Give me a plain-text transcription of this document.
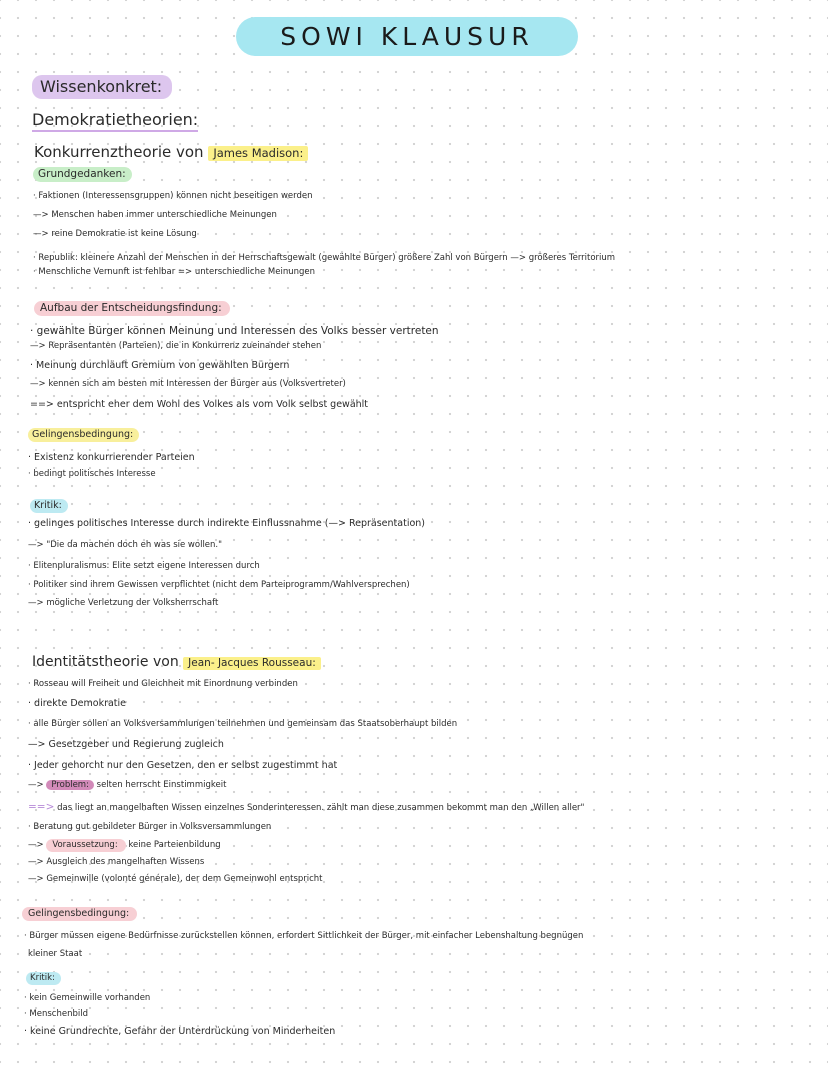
SOWI KLAUSUR
Wissenkonkret:
Demokratietheorien:
Konkurrenztheorie von James Madison:
Grundgedanken:
· Faktionen (Interessensgruppen) können nicht beseitigen werden
—> Menschen haben immer unterschiedliche Meinungen
—> reine Demokratie ist keine Lösung
· Republik: kleinere Anzahl der Menschen in der Herrschaftsgewalt (gewählte Bürger) größere Zahl von Bürgern —> größeres Territorium
· Menschliche Vernunft ist fehlbar => unterschiedliche Meinungen
Aufbau der Entscheidungsfindung:
· gewählte Bürger können Meinung und Interessen des Volks besser vertreten
—> Repräsentanten (Parteien), die in Konkurrenz zueinander stehen
· Meinung durchläuft Gremium von gewählten Bürgern
—> kennen sich am besten mit Interessen der Bürger aus (Volksvertreter)
==> entspricht eher dem Wohl des Volkes als vom Volk selbst gewählt
Gelingensbedingung:
· Existenz konkurrierender Parteien
· bedingt politisches Interesse
Kritik:
· gelinges politisches Interesse durch indirekte Einflussnahme (—> Repräsentation)
—> "Die da machen doch eh was sie wollen."
· Elitenpluralismus: Elite setzt eigene Interessen durch
· Politiker sind ihrem Gewissen verpflichtet (nicht dem Parteiprogramm/Wahlversprechen)
—> mögliche Verletzung der Volksherrschaft
Identitätstheorie von Jean- Jacques Rousseau:
· Rosseau will Freiheit und Gleichheit mit Einordnung verbinden
· direkte Demokratie
· alle Bürger sollen an Volksversammlungen teilnehmen und gemeinsam das Staatsoberhaupt bilden
—> Gesetzgeber und Regierung zugleich
· Jeder gehorcht nur den Gesetzen, den er selbst zugestimmt hat
—> Problem: selten herrscht Einstimmigkeit
==> das liegt an mangelhaften Wissen einzelnes Sonderinteressen. zählt man diese zusammen bekommt man den „Willen aller"
· Beratung gut gebildeter Bürger in Volksversammlungen
—> Voraussetzung: keine Parteienbildung
—> Ausgleich des mangelhaften Wissens
—> Gemeinwille (volonté générale), der dem Gemeinwohl entspricht
Gelingensbedingung:
· Bürger müssen eigene Bedürfnisse zurückstellen können, erfordert Sittlichkeit der Bürger, mit einfacher Lebenshaltung begnügen
kleiner Staat
Kritik:
· kein Gemeinwille vorhanden
· Menschenbild
· keine Grundrechte, Gefahr der Unterdrückung von Minderheiten
